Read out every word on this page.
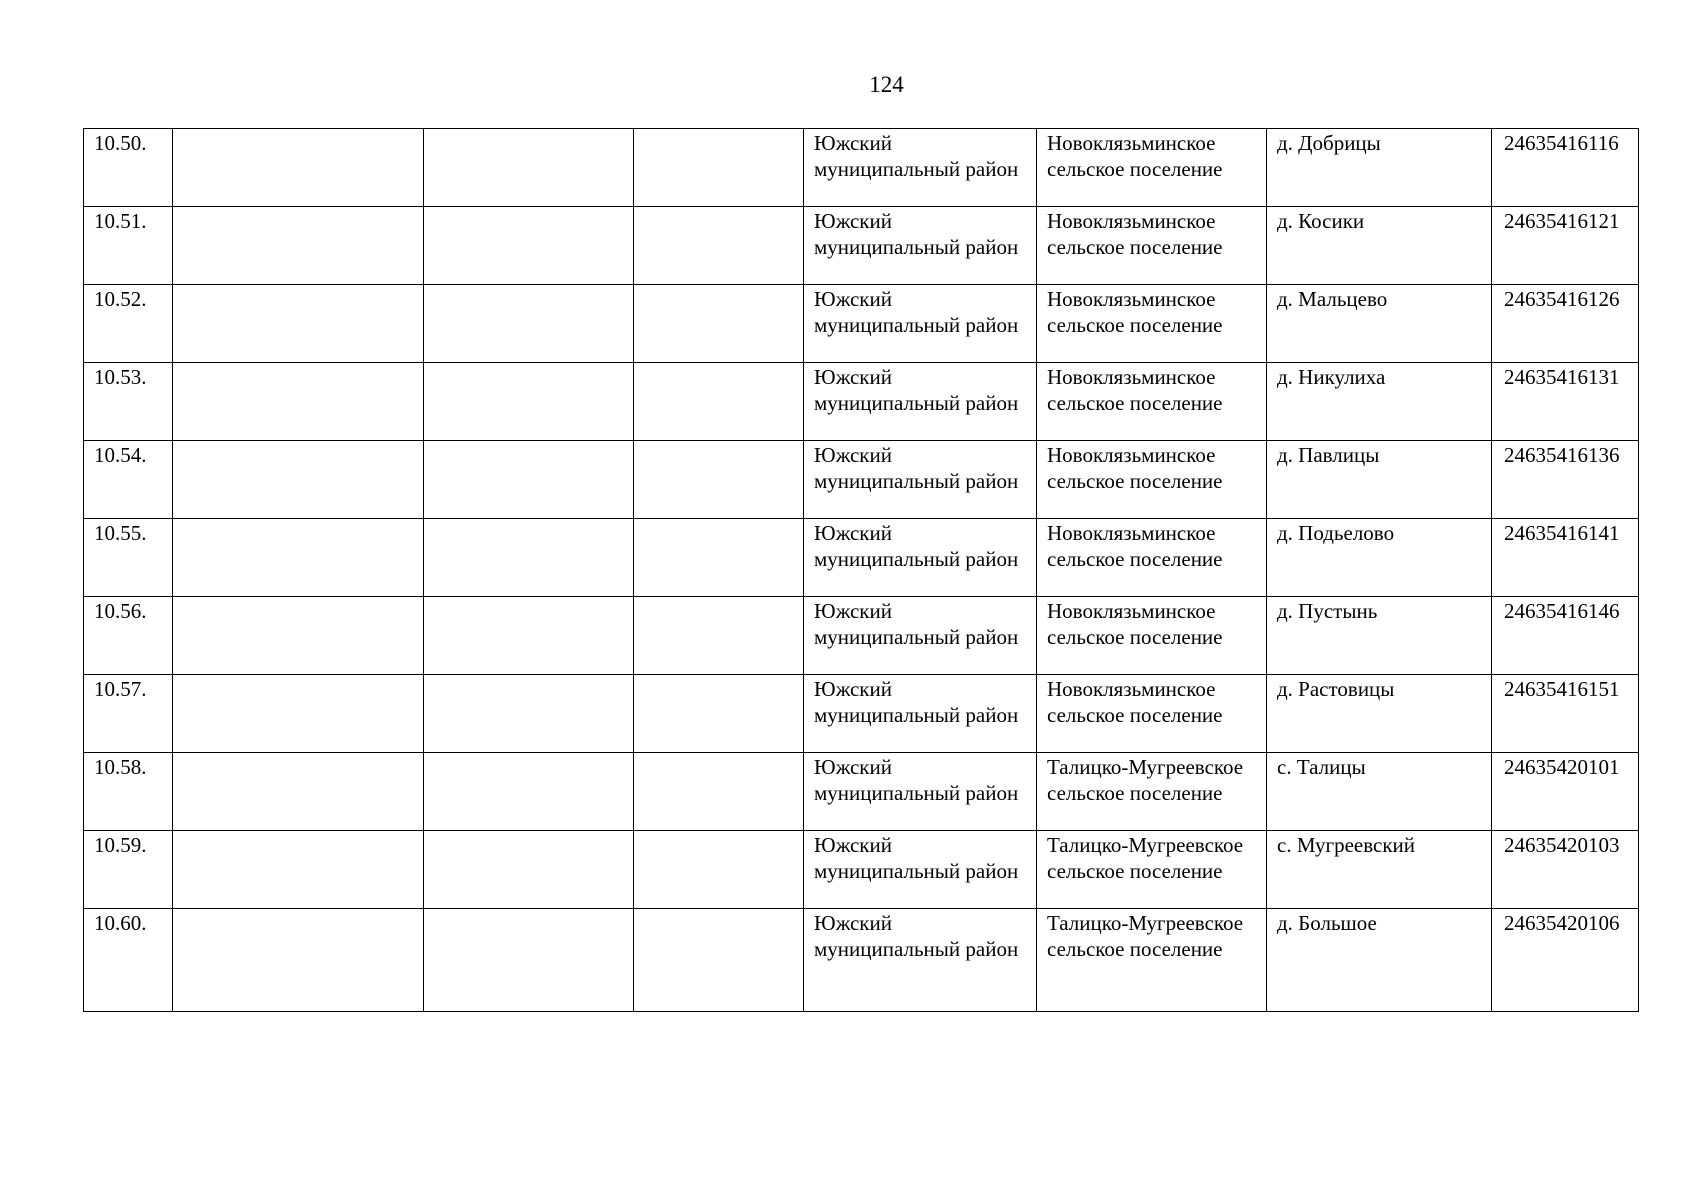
124
10.50.				Южский муниципальный район	Новоклязьминское сельское поселение	д. Добрицы	24635416116
10.51.				Южский муниципальный район	Новоклязьминское сельское поселение	д. Косики	24635416121
10.52.				Южский муниципальный район	Новоклязьминское сельское поселение	д. Мальцево	24635416126
10.53.				Южский муниципальный район	Новоклязьминское сельское поселение	д. Никулиха	24635416131
10.54.				Южский муниципальный район	Новоклязьминское сельское поселение	д. Павлицы	24635416136
10.55.				Южский муниципальный район	Новоклязьминское сельское поселение	д. Подьелово	24635416141
10.56.				Южский муниципальный район	Новоклязьминское сельское поселение	д. Пустынь	24635416146
10.57.				Южский муниципальный район	Новоклязьминское сельское поселение	д. Растовицы	24635416151
10.58.				Южский муниципальный район	Талицко-Мугреевское сельское поселение	с. Талицы	24635420101
10.59.				Южский муниципальный район	Талицко-Мугреевское сельское поселение	с. Мугреевский	24635420103
10.60.				Южский муниципальный район	Талицко-Мугреевское сельское поселение	д. Большое	24635420106
